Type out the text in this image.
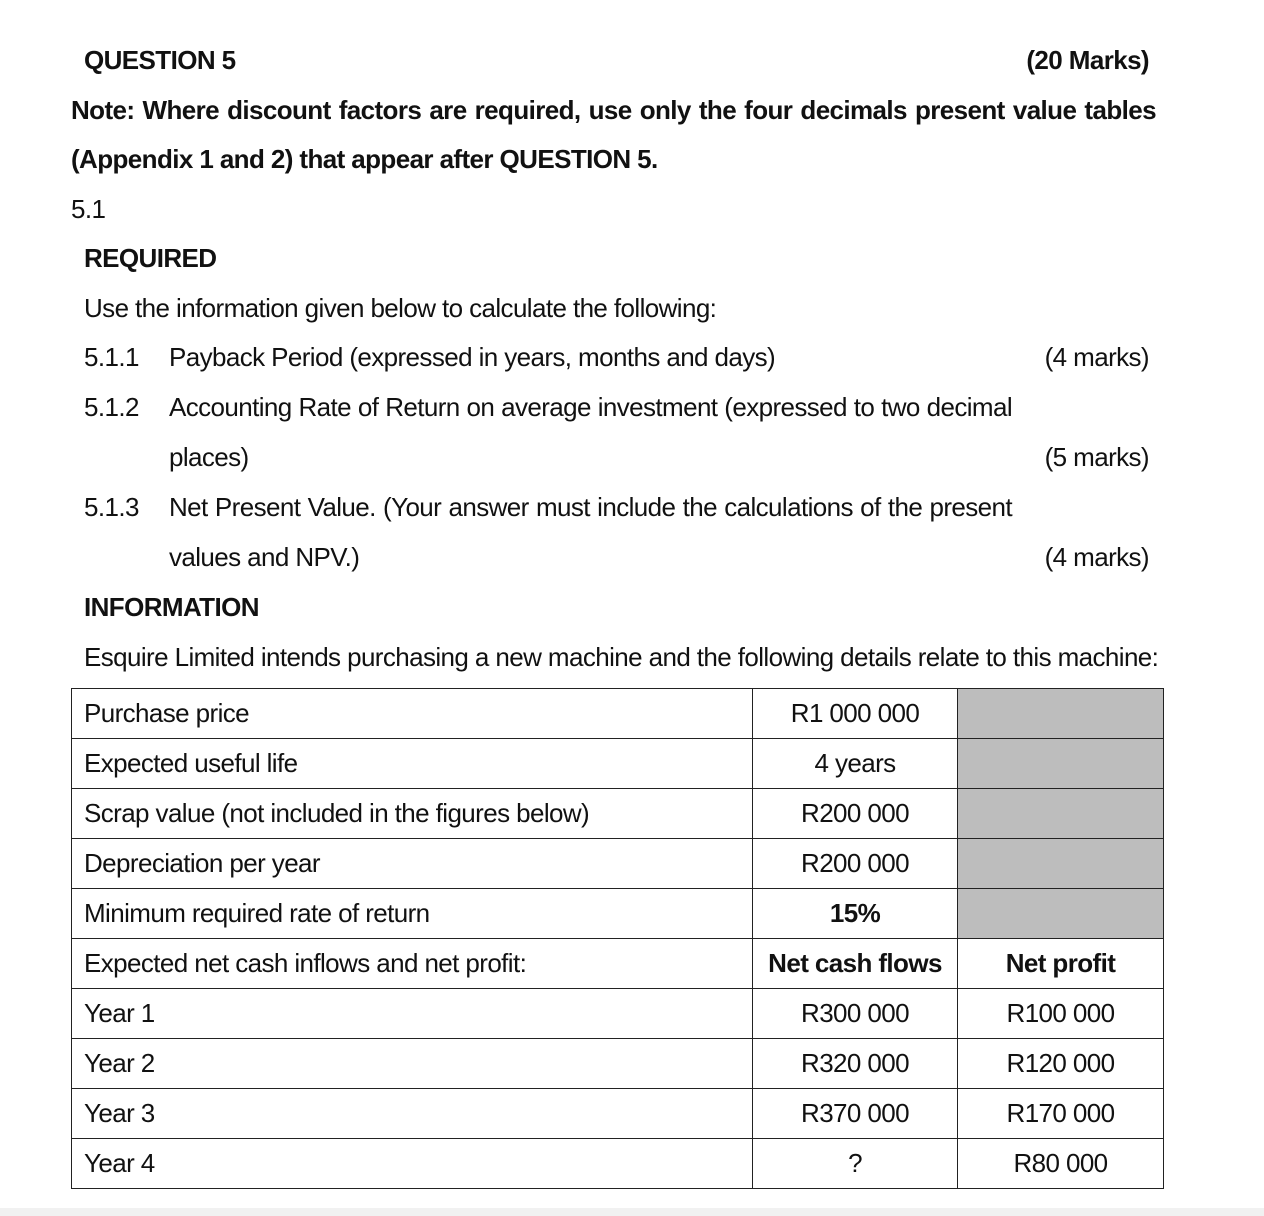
QUESTION 5	(20 Marks)
Note: Where discount factors are required, use only the four decimals present value tables
(Appendix 1 and 2) that appear after QUESTION 5.
5.1
REQUIRED
Use the information given below to calculate the following:
5.1.1 Payback Period (expressed in years, months and days)	(4 marks)
5.1.2 Accounting Rate of Return on average investment (expressed to two decimal
places)	(5 marks)
5.1.3 Net Present Value. (Your answer must include the calculations of the present
values and NPV.)	(4 marks)
INFORMATION
Esquire Limited intends purchasing a new machine and the following details relate to this machine:
Purchase price	R1 000 000	
Expected useful life	4 years	
Scrap value (not included in the figures below)	R200 000	
Depreciation per year	R200 000	
Minimum required rate of return	15%	
Expected net cash inflows and net profit:	Net cash flows	Net profit
Year 1	R300 000	R100 000
Year 2	R320 000	R120 000
Year 3	R370 000	R170 000
Year 4	?	R80 000
